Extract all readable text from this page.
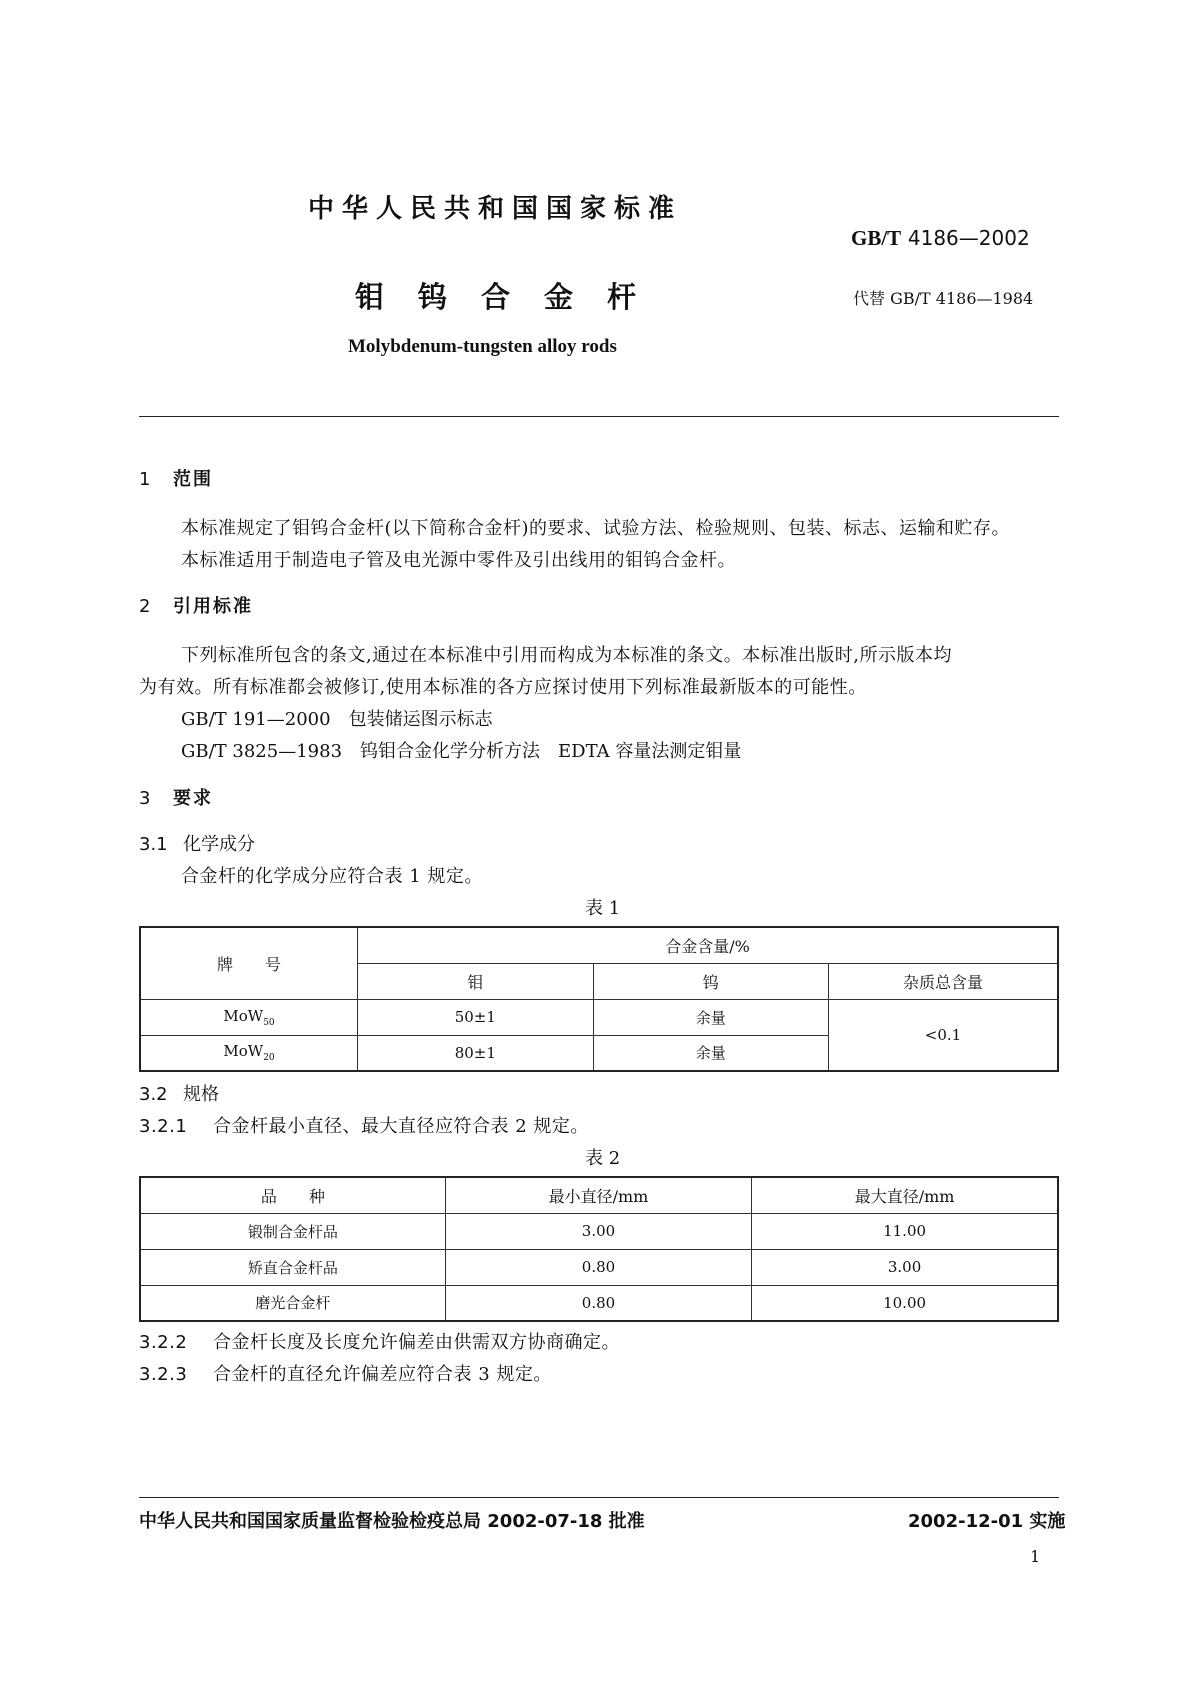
中华人民共和国国家标准
GB/T 4186—2002
钼钨合金杆	代替 GB/T 4186—1984
Molybdenum-tungsten alloy rods
1 范围
本标准规定了钼钨合金杆(以下简称合金杆)的要求、试验方法、检验规则、包装、标志、运输和贮存。
本标准适用于制造电子管及电光源中零件及引出线用的钼钨合金杆。
2 引用标准
下列标准所包含的条文,通过在本标准中引用而构成为本标准的条文。本标准出版时,所示版本均
为有效。所有标准都会被修订,使用本标准的各方应探讨使用下列标准最新版本的可能性。
GB/T 191—2000　包装储运图示标志
GB/T 3825—1983　钨钼合金化学分析方法　EDTA 容量法测定钼量
3 要求
3.1 化学成分
合金杆的化学成分应符合表 1 规定。
表 1
牌　　号	合金含量/%		
	钼	钨	杂质总含量
MoW$_{50}$	50±1	余量	<0.1
MoW$_{20}$	80±1	余量	
3.2 规格
3.2.1 合金杆最小直径、最大直径应符合表 2 规定。
表 2
品　　种	最小直径/mm	最大直径/mm
锻制合金杆品	3.00	11.00
矫直合金杆品	0.80	3.00
磨光合金杆	0.80	10.00
3.2.2 合金杆长度及长度允许偏差由供需双方协商确定。
3.2.3 合金杆的直径允许偏差应符合表 3 规定。
中华人民共和国国家质量监督检验检疫总局 2002-07-18 批准	2002-12-01 实施
1
